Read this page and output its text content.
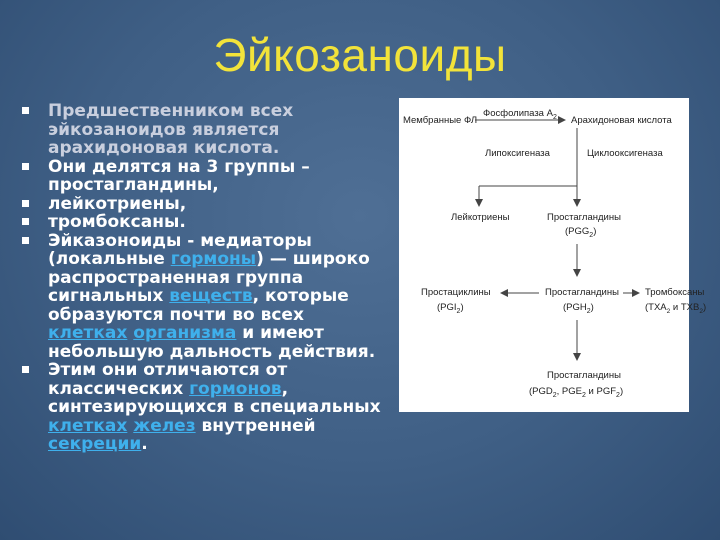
Эйкозаноиды
Предшественником всех эйкозаноидов является арахидоновая кислота.
Они делятся на 3 группы – простагландины,
лейкотриены,
тромбоксаны.
Эйказоноиды - медиаторы (локальные гормоны) — широко распространенная группа сигнальных веществ, которые образуются почти во всех клетках организма и имеют небольшую дальность действия.
Этим они отличаются от классических гормонов, синтезирующихся в специальных клетках желез внутренней секреции.
Мембранные ФЛ
Фосфолипаза $А_2$ Арахидоновая кислота
Липоксигеназа	Циклооксигеназа
Лейкотриены	Простагландины
$(PGG_2)$
Простациклины
$(PGI_2)$
Простагландины
$(PGH_2)$
Тромбоксаны
($TXA_2$ и $TXB_2$)
Простагландины
($PGD_2$, $PGE_2$ и $PGF_2$)
